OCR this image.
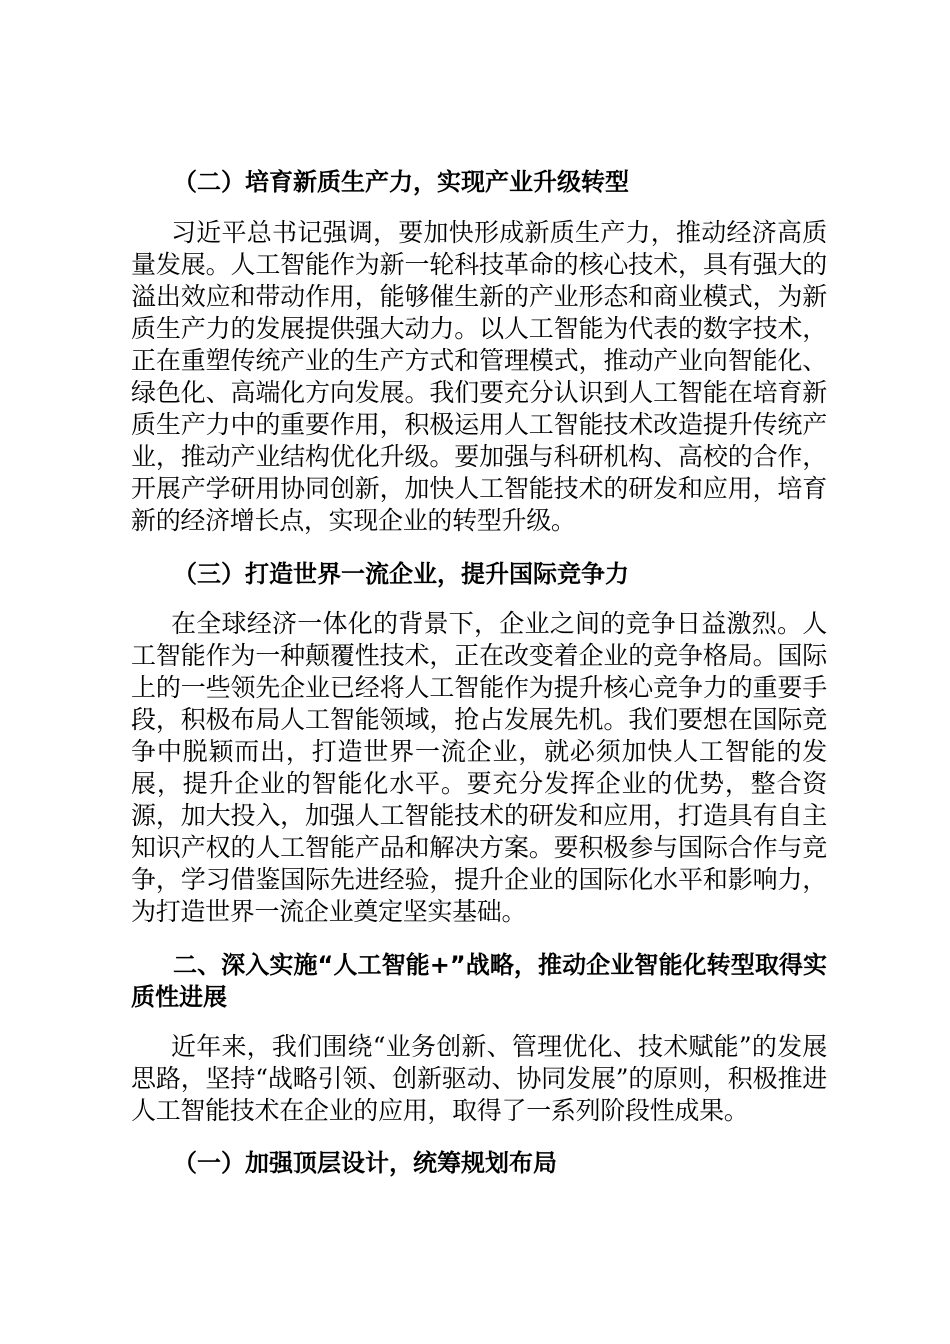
（二）培育新质生产力，实现产业升级转型

习近平总书记强调，要加快形成新质生产力，推动经济高质量发展。人工智能作为新一轮科技革命的核心技术，具有强大的溢出效应和带动作用，能够催生新的产业形态和商业模式，为新质生产力的发展提供强大动力。以人工智能为代表的数字技术，正在重塑传统产业的生产方式和管理模式，推动产业向智能化、绿色化、高端化方向发展。我们要充分认识到人工智能在培育新质生产力中的重要作用，积极运用人工智能技术改造提升传统产业，推动产业结构优化升级。要加强与科研机构、高校的合作，开展产学研用协同创新，加快人工智能技术的研发和应用，培育新的经济增长点，实现企业的转型升级。

（三）打造世界一流企业，提升国际竞争力

在全球经济一体化的背景下，企业之间的竞争日益激烈。人工智能作为一种颠覆性技术，正在改变着企业的竞争格局。国际上的一些领先企业已经将人工智能作为提升核心竞争力的重要手段，积极布局人工智能领域，抢占发展先机。我们要想在国际竞争中脱颖而出，打造世界一流企业，就必须加快人工智能的发展，提升企业的智能化水平。要充分发挥企业的优势，整合资源，加大投入，加强人工智能技术的研发和应用，打造具有自主知识产权的人工智能产品和解决方案。要积极参与国际合作与竞争，学习借鉴国际先进经验，提升企业的国际化水平和影响力，为打造世界一流企业奠定坚实基础。

二、深入实施“人工智能+”战略，推动企业智能化转型取得实质性进展

近年来，我们围绕“业务创新、管理优化、技术赋能”的发展思路，坚持“战略引领、创新驱动、协同发展”的原则，积极推进人工智能技术在企业的应用，取得了一系列阶段性成果。

（一）加强顶层设计，统筹规划布局
